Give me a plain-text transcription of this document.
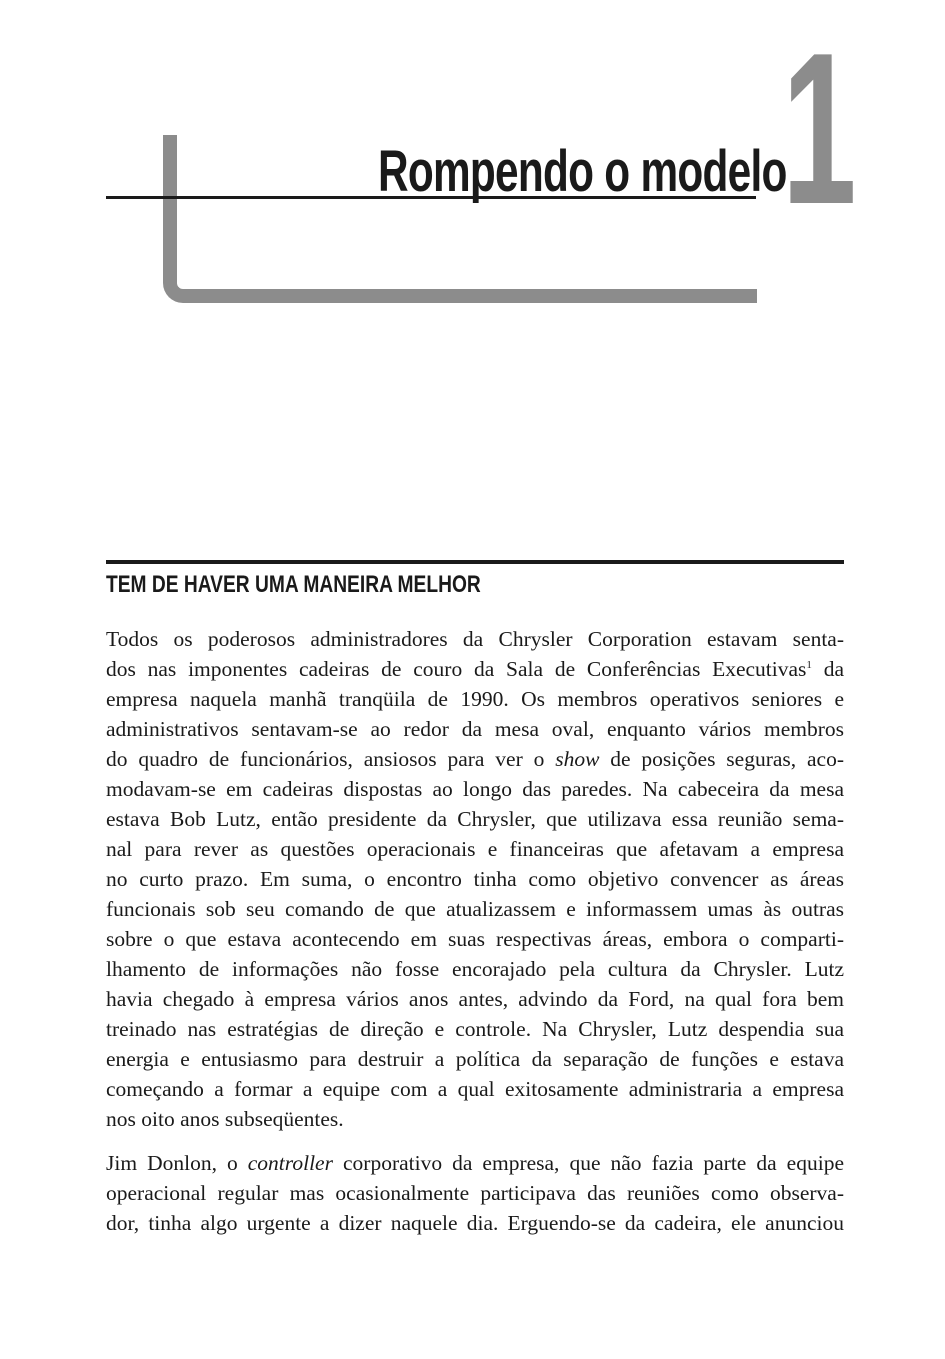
1
Rompendo o modelo
TEM DE HAVER UMA MANEIRA MELHOR
Todos os poderosos administradores da Chrysler Corporation estavam senta-
dos nas imponentes cadeiras de couro da Sala de Conferências Executivas$^1$ da
empresa naquela manhã tranqüila de 1990. Os membros operativos seniores e
administrativos sentavam-se ao redor da mesa oval, enquanto vários membros
do quadro de funcionários, ansiosos para ver o show de posições seguras, aco-
modavam-se em cadeiras dispostas ao longo das paredes. Na cabeceira da mesa
estava Bob Lutz, então presidente da Chrysler, que utilizava essa reunião sema-
nal para rever as questões operacionais e financeiras que afetavam a empresa
no curto prazo. Em suma, o encontro tinha como objetivo convencer as áreas
funcionais sob seu comando de que atualizassem e informassem umas às outras
sobre o que estava acontecendo em suas respectivas áreas, embora o comparti-
lhamento de informações não fosse encorajado pela cultura da Chrysler. Lutz
havia chegado à empresa vários anos antes, advindo da Ford, na qual fora bem
treinado nas estratégias de direção e controle. Na Chrysler, Lutz despendia sua
energia e entusiasmo para destruir a política da separação de funções e estava
começando a formar a equipe com a qual exitosamente administraria a empresa
nos oito anos subseqüentes.
Jim Donlon, o controller corporativo da empresa, que não fazia parte da equipe
operacional regular mas ocasionalmente participava das reuniões como observa-
dor, tinha algo urgente a dizer naquele dia. Erguendo-se da cadeira, ele anunciou
